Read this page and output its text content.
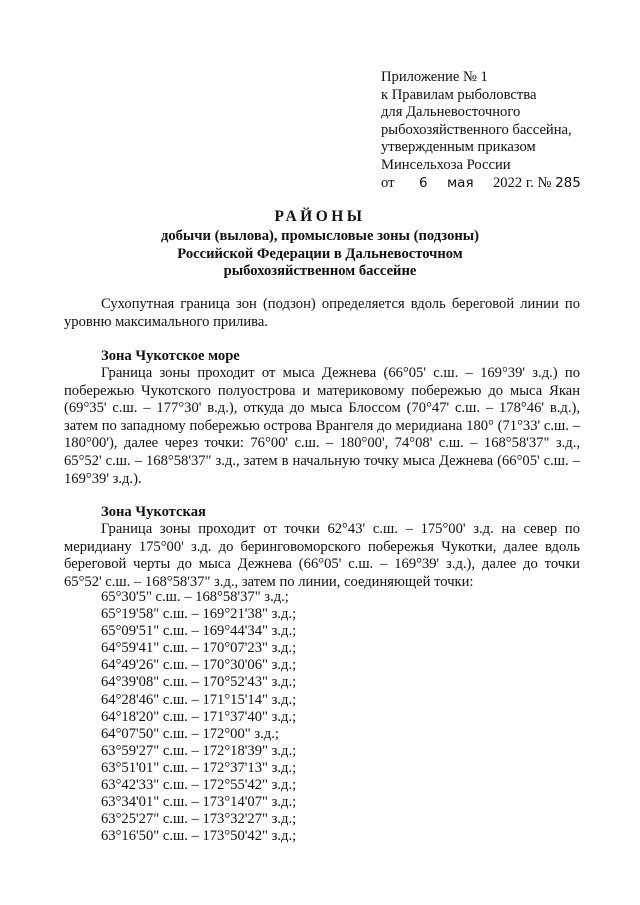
Приложение № 1
к Правилам рыболовства
для Дальневосточного
рыбохозяйственного бассейна,
утвержденным приказом
Минсельхоза России
от 6 мая 2022 г. № 285
РАЙОНЫ
добычи (вылова), промысловые зоны (подзоны)
Российской Федерации в Дальневосточном
рыбохозяйственном бассейне
Сухопутная граница зон (подзон) определяется вдоль береговой линии по уровню максимального прилива.
Зона Чукотское море
Граница зоны проходит от мыса Дежнева (66°05' с.ш. – 169°39' з.д.) по побережью Чукотского полуострова и материковому побережью до мыса Якан (69°35' с.ш. – 177°30' в.д.), откуда до мыса Блоссом (70°47' с.ш. – 178°46' в.д.), затем по западному побережью острова Врангеля до меридиана 180° (71°33' с.ш. – 180°00'), далее через точки: 76°00' с.ш. – 180°00', 74°08' с.ш. – 168°58'37" з.д., 65°52' с.ш. – 168°58'37" з.д., затем в начальную точку мыса Дежнева (66°05' с.ш. – 169°39' з.д.).
Зона Чукотская
Граница зоны проходит от точки 62°43' с.ш. – 175°00' з.д. на север по меридиану 175°00' з.д. до беринговоморского побережья Чукотки, далее вдоль береговой черты до мыса Дежнева (66°05' с.ш. – 169°39' з.д.), далее до точки 65°52' с.ш. – 168°58'37" з.д., затем по линии, соединяющей точки:
65°30'5" с.ш. – 168°58'37" з.д.;
65°19'58" с.ш. – 169°21'38" з.д.;
65°09'51" с.ш. – 169°44'34" з.д.;
64°59'41" с.ш. – 170°07'23" з.д.;
64°49'26" с.ш. – 170°30'06" з.д.;
64°39'08" с.ш. – 170°52'43" з.д.;
64°28'46" с.ш. – 171°15'14" з.д.;
64°18'20" с.ш. – 171°37'40" з.д.;
64°07'50" с.ш. – 172°00" з.д.;
63°59'27" с.ш. – 172°18'39" з.д.;
63°51'01" с.ш. – 172°37'13" з.д.;
63°42'33" с.ш. – 172°55'42" з.д.;
63°34'01" с.ш. – 173°14'07" з.д.;
63°25'27" с.ш. – 173°32'27" з.д.;
63°16'50" с.ш. – 173°50'42" з.д.;
